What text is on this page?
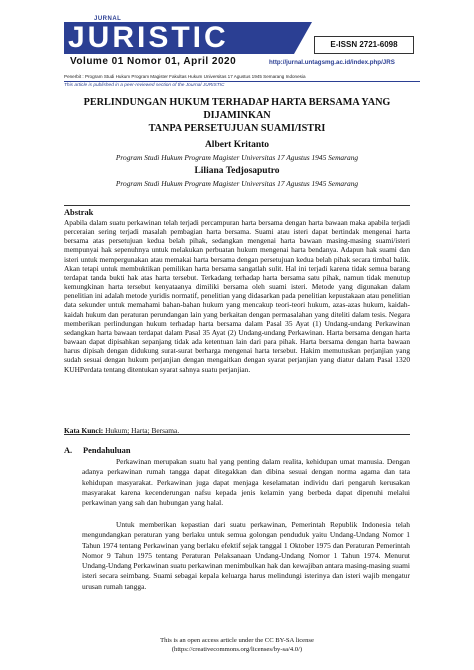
JURNAL
JURISTIC	E-ISSN 2721-6098
Volume 01 Nomor 01, April 2020	http://jurnal.untagsmg.ac.id/index.php/JRS
Penerbit : Program Studi Hukum Program Magister Fakultas Hukum Universitas 17 Agustus 1945 Semarang Indonesia
This article is published in a peer-reviewed section of the Journal JURISTIC
PERLINDUNGAN HUKUM TERHADAP HARTA BERSAMA YANG DIJAMINKAN
TANPA PERSETUJUAN SUAMI/ISTRI
Albert Kritanto
Program Studi Hukum Program Magister Universitas 17 Agustus 1945 Semarang
Liliana Tedjosaputro
Program Studi Hukum Program Magister Universitas 17 Agustus 1945 Semarang
Abstrak

Apabila dalam suatu perkawinan telah terjadi percampuran harta bersama dengan harta bawaan maka apabila terjadi perceraian sering terjadi masalah pembagian harta bersama. Suami atau isteri dapat bertindak mengenai harta bersama atas persetujuan kedua belah pihak, sedangkan mengenai harta bawaan masing-masing suami/isteri mempunyai hak sepenuhnya untuk melakukan perbuatan hukum mengenai harta bendanya. Adapun hak suami dan isteri untuk mempergunakan atau memakai harta bersama dengan persetujuan kedua belah pihak secara timbal balik. Akan tetapi untuk membuktikan pemilikan harta bersama sangatlah sulit. Hal ini terjadi karena tidak semua barang terdapat tanda bukti hak atas harta tersebut. Terkadang terhadap harta bersama satu pihak, namun tidak menutup kemungkinan harta tersebut kenyataanya dimiliki bersama oleh suami isteri. Metode yang digunakan dalam penelitian ini adalah metode yuridis normatif, penelitian yang didasarkan pada penelitian kepustakaan atau penelitian data sekunder untuk memahami bahan-bahan hukum yang mencakup teori-teori hukum, azas-azas hukum, kaidah-kaidah hukum dan peraturan perundangan lain yang berkaitan dengan permasalahan yang diteliti dalam tesis. Negara memberikan perlindungan hukum terhadap harta bersama dalam Pasal 35 Ayat (1) Undang-undang Perkawinan sedangkan harta bawaan terdapat dalam Pasal 35 Ayat (2) Undang-undang Perkawinan. Harta bersama dengan harta bawaan dapat dipisahkan sepanjang tidak ada ketentuan lain dari para pihak. Harta bersama dengan harta bawaan harus dipisah dengan didukung surat-surat berharga mengenai harta tersebut. Hakim memutuskan perjanjian yang sudah sesuai dengan hukum perjanjian dengan mengaitkan dengan syarat perjanjian yang diatur dalam Pasal 1320 KUHPerdata tentang ditentukan syarat sahnya suatu perjanjian.

Kata Kunci: Hukum; Harta; Bersama.
A. Pendahuluan

Perkawinan merupakan suatu hal yang penting dalam realita, kehidupan umat manusia. Dengan adanya perkawinan rumah tangga dapat ditegakkan dan dibina sesuai dengan norma agama dan tata kehidupan masyarakat. Perkawinan juga dapat menjaga keselamatan individu dari pengaruh kerusakan masyarakat karena kecenderungan nafsu kepada jenis kelamin yang berbeda dapat dipenuhi melalui perkawinan yang sah dan hubungan yang halal.

Untuk memberikan kepastian dari suatu perkawinan, Pemerintah Republik Indonesia telah mengundangkan peraturan yang berlaku untuk semua golongan penduduk yaitu Undang-Undang Nomor 1 Tahun 1974 tentang Perkawinan yang berlaku efektif sejak tanggal 1 Oktober 1975 dan Peraturan Pemerintah Nomor 9 Tahun 1975 tentang Peraturan Pelaksanaan Undang-Undang Nomor 1 Tahun 1974. Menurut Undang-Undang Perkawinan suatu perkawinan menimbulkan hak dan kewajiban antara masing-masing suami isteri secara seimbang. Suami sebagai kepala keluarga harus melindungi isterinya dan isteri wajib mengatur urusan rumah tangga.

This is an open access article under the CC BY-SA license
(https://creativecommons.org/licenses/by-sa/4.0/)
